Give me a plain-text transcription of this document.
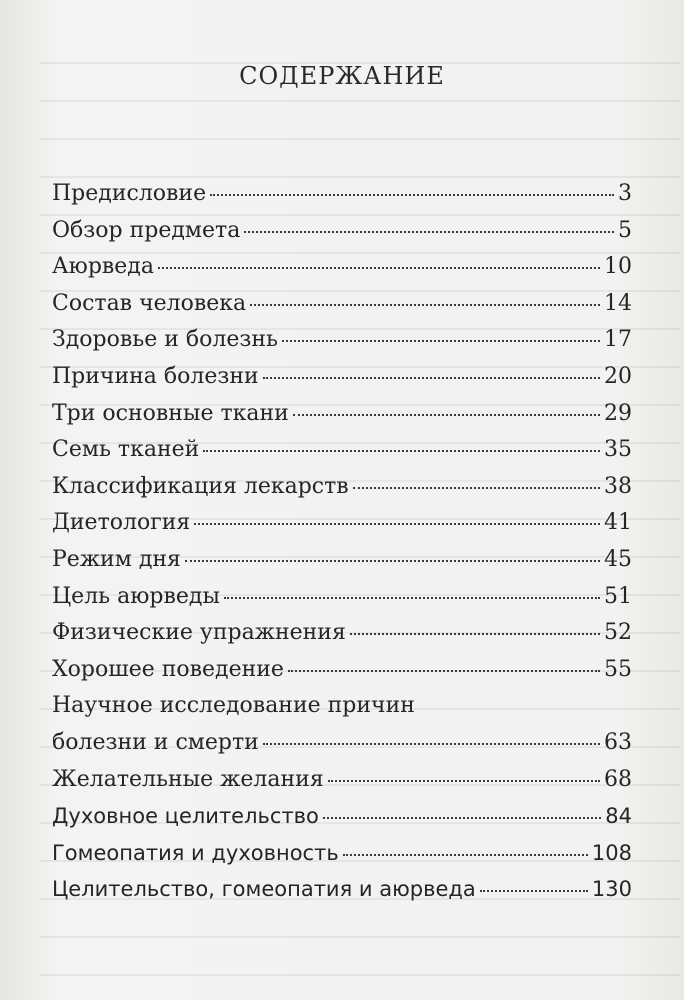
СОДЕРЖАНИЕ
Предисловие	3
Обзор предмета	5
Аюрведа	10
Состав человека	14
Здоровье и болезнь	17
Причина болезни	20
Три основные ткани	29
Семь тканей	35
Классификация лекарств	38
Диетология	41
Режим дня	45
Цель аюрведы	51
Физические упражнения	52
Хорошее поведение	55
Научное исследование причин
болезни и смерти	63
Желательные желания	68
Духовное целительство	84
Гомеопатия и духовность	108
Целительство, гомеопатия и аюрведа	130
